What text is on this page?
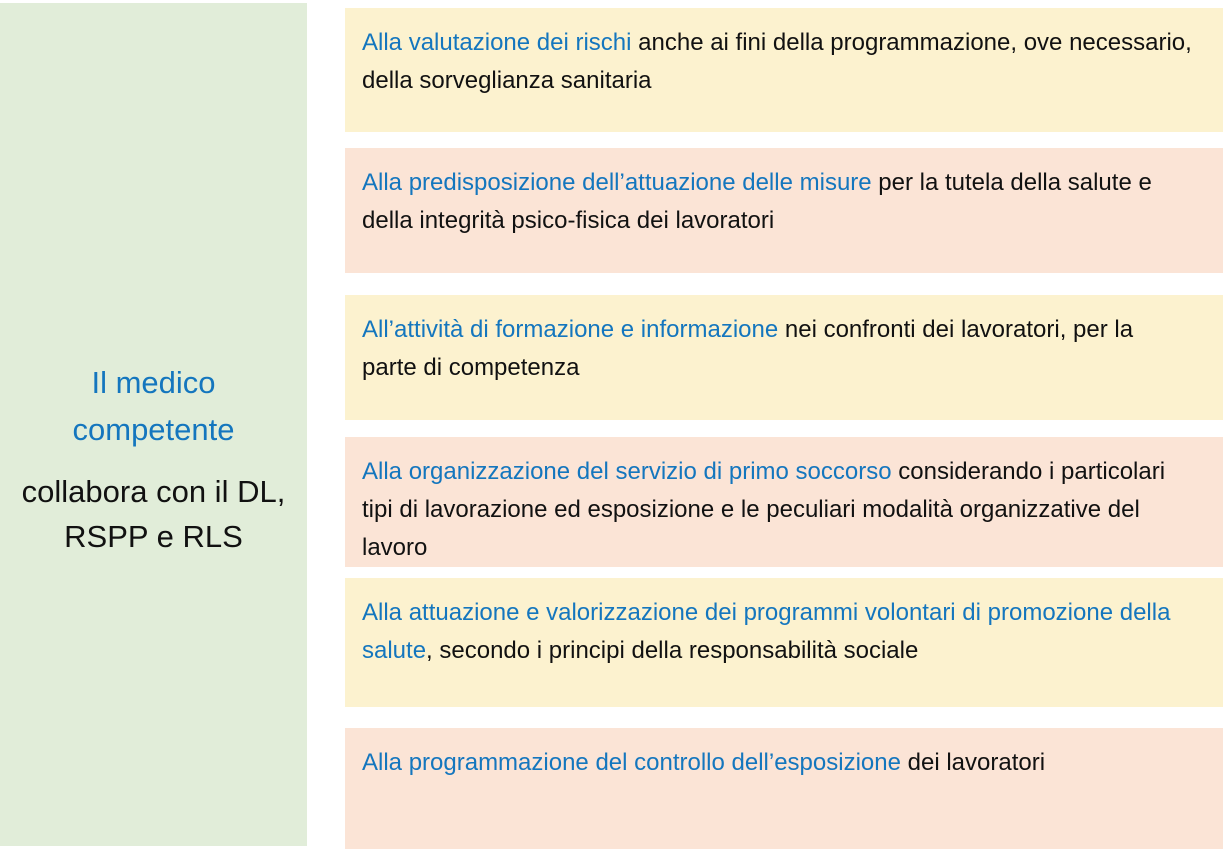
Il medico competente
collabora con il DL, RSPP e RLS

Alla valutazione dei rischi anche ai fini della programmazione, ove necessario, della sorveglianza sanitaria

Alla predisposizione dell’attuazione delle misure per la tutela della salute e della integrità psico-fisica dei lavoratori

All’attività di formazione e informazione nei confronti dei lavoratori, per la parte di competenza

Alla organizzazione del servizio di primo soccorso considerando i particolari tipi di lavorazione ed esposizione e le peculiari modalità organizzative del lavoro

Alla attuazione e valorizzazione dei programmi volontari di promozione della salute, secondo i principi della responsabilità sociale

Alla programmazione del controllo dell’esposizione dei lavoratori
